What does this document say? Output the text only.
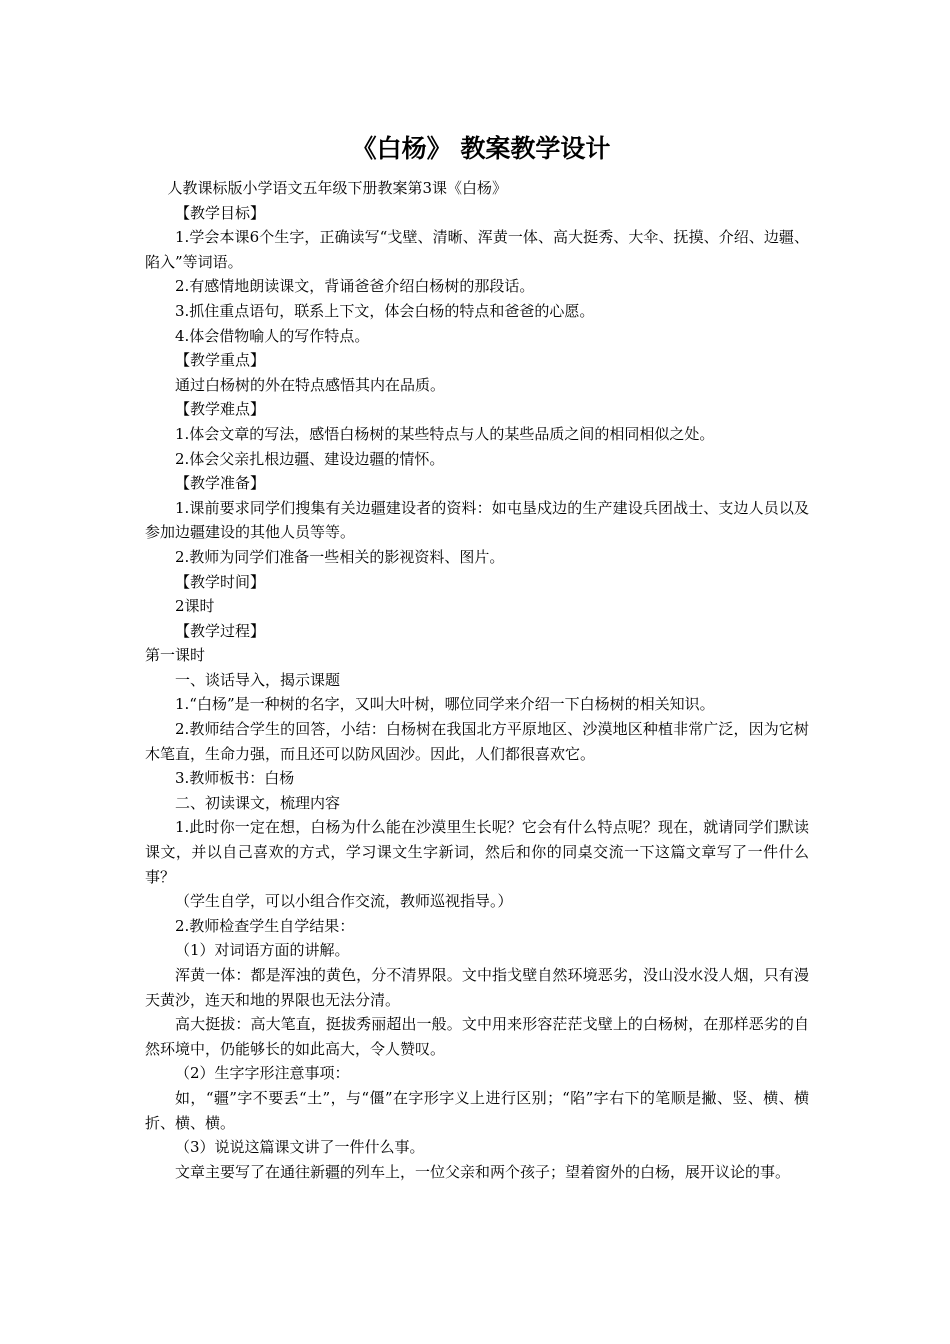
《白杨》 教案教学设计

人教课标版小学语文五年级下册教案第3课《白杨》

【教学目标】

1.学会本课6个生字，正确读写“戈壁、清晰、浑黄一体、高大挺秀、大伞、抚摸、介绍、边疆、陷入”等词语。

2.有感情地朗读课文，背诵爸爸介绍白杨树的那段话。

3.抓住重点语句，联系上下文，体会白杨的特点和爸爸的心愿。

4.体会借物喻人的写作特点。

【教学重点】

通过白杨树的外在特点感悟其内在品质。

【教学难点】

1.体会文章的写法，感悟白杨树的某些特点与人的某些品质之间的相同相似之处。

2.体会父亲扎根边疆、建设边疆的情怀。

【教学准备】

1.课前要求同学们搜集有关边疆建设者的资料：如屯垦戍边的生产建设兵团战士、支边人员以及参加边疆建设的其他人员等等。

2.教师为同学们准备一些相关的影视资料、图片。

【教学时间】

2课时

【教学过程】

第一课时

一、谈话导入，揭示课题

1.“白杨”是一种树的名字，又叫大叶树，哪位同学来介绍一下白杨树的相关知识。

2.教师结合学生的回答，小结：白杨树在我国北方平原地区、沙漠地区种植非常广泛，因为它树木笔直，生命力强，而且还可以防风固沙。因此，人们都很喜欢它。

3.教师板书：白杨

二、初读课文，梳理内容

1.此时你一定在想，白杨为什么能在沙漠里生长呢？它会有什么特点呢？现在，就请同学们默读课文，并以自己喜欢的方式，学习课文生字新词，然后和你的同桌交流一下这篇文章写了一件什么事？

（学生自学，可以小组合作交流，教师巡视指导。）

2.教师检查学生自学结果：

（1）对词语方面的讲解。

浑黄一体：都是浑浊的黄色，分不清界限。文中指戈壁自然环境恶劣，没山没水没人烟，只有漫天黄沙，连天和地的界限也无法分清。

高大挺拔：高大笔直，挺拔秀丽超出一般。文中用来形容茫茫戈壁上的白杨树，在那样恶劣的自然环境中，仍能够长的如此高大，令人赞叹。

（2）生字字形注意事项：

如，“疆”字不要丢“土”，与“僵”在字形字义上进行区别；“陷”字右下的笔顺是撇、竖、横、横折、横、横。

（3）说说这篇课文讲了一件什么事。

文章主要写了在通往新疆的列车上，一位父亲和两个孩子；望着窗外的白杨，展开议论的事。
